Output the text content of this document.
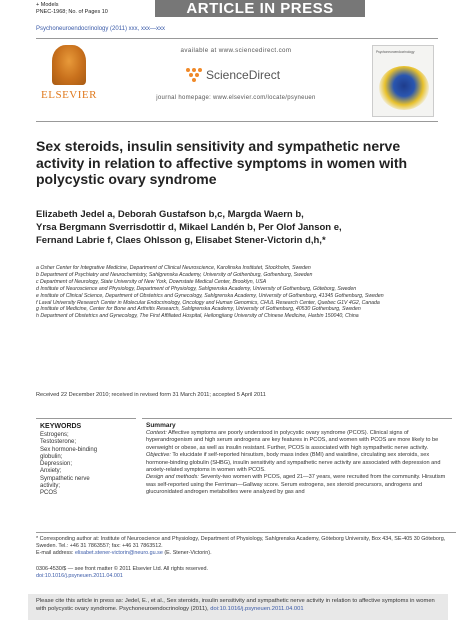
+ Models
PNEC-1968; No. of Pages 10	ARTICLE IN PRESS
Psychoneuroendocrinology (2011) xxx, xxx—xxx
ELSEVIER
available at www.sciencedirect.com
ScienceDirect
journal homepage: www.elsevier.com/locate/psyneuen
Psychoneuroendocrinology
Sex steroids, insulin sensitivity and sympathetic nerve activity in relation to affective symptoms in women with polycystic ovary syndrome
Elizabeth Jedel a, Deborah Gustafson b,c, Margda Waern b,
Yrsa Bergmann Sverrisdottir d, Mikael Landén b, Per Olof Janson e,
Fernand Labrie f, Claes Ohlsson g, Elisabet Stener-Victorin d,h,*
a Osher Center for Integrative Medicine, Department of Clinical Neuroscience, Karolinska Institutet, Stockholm, Sweden
b Department of Psychiatry and Neurochemistry, Sahlgrenska Academy, University of Gothenburg, Gothenburg, Sweden
c Department of Neurology, State University of New York, Downstate Medical Center, Brooklyn, USA
d Institute of Neuroscience and Physiology, Department of Physiology, Sahlgrenska Academy, University of Gothenburg, Göteborg, Sweden
e Institute of Clinical Science, Department of Obstetrics and Gynecology, Sahlgrenska Academy, University of Gothenburg, 41345 Gothenburg, Sweden
f Laval University Research Center in Molecular Endocrinology, Oncology and Human Genomics, CHUL Research Center, Quebec G1V 4G2, Canada
g Institute of Medicine, Center for Bone and Arthritis Research, Sahlgrenska Academy, University of Gothenburg, 40530 Gothenburg, Sweden
h Department of Obstetrics and Gynecology, The First Affiliated Hospital, Heilongjiang University of Chinese Medicine, Harbin 150040, China
Received 22 December 2010; received in revised form 31 March 2011; accepted 5 April 2011
KEYWORDS
Estrogens;
Testosterone;
Sex hormone-binding
globulin;
Depression;
Anxiety;
Sympathetic nerve
activity;
PCOS
Summary
Context: Affective symptoms are poorly understood in polycystic ovary syndrome (PCOS). Clinical signs of hyperandrogenism and high serum androgens are key features in PCOS, and women with PCOS are more likely to be overweight or obese, as well as insulin resistant. Further, PCOS is associated with high sympathetic nerve activity.
Objective: To elucidate if self-reported hirsutism, body mass index (BMI) and waistline, circulating sex steroids, sex hormone-binding globulin (SHBG), insulin sensitivity and sympathetic nerve activity are associated with depression and anxiety-related symptoms in women with PCOS.
Design and methods: Seventy-two women with PCOS, aged 21—37 years, were recruited from the community. Hirsutism was self-reported using the Ferriman—Gallway score. Serum estrogens, sex steroid precursors, androgens and glucuronidated androgen metabolites were analyzed by gas and
* Corresponding author at: Institute of Neuroscience and Physiology, Department of Physiology, Sahlgrenska Academy, Göteborg University, Box 434, SE-405 30 Göteborg, Sweden. Tel.: +46 31 7863557; fax: +46 31 7863512.
E-mail address: elisabet.stener-victorin@neuro.gu.se (E. Stener-Victorin).
0306-4530/$ — see front matter © 2011 Elsevier Ltd. All rights reserved.
doi:10.1016/j.psyneuen.2011.04.001
Please cite this article in press as: Jedel, E., et al., Sex steroids, insulin sensitivity and sympathetic nerve activity in relation to affective symptoms in women with polycystic ovary syndrome. Psychoneuroendocrinology (2011), doi:10.1016/j.psyneuen.2011.04.001
